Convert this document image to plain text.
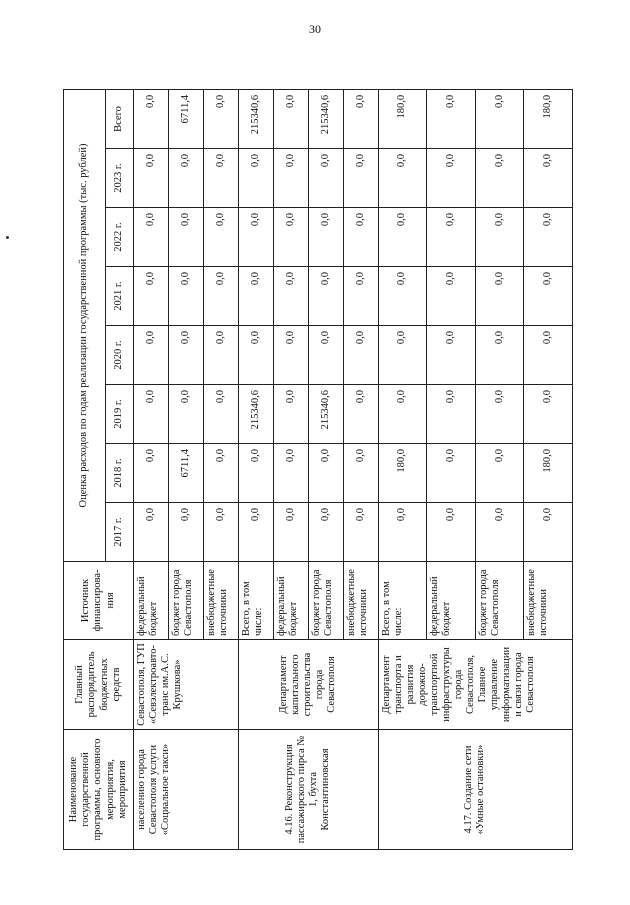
30
Наименование государственной программы, основного мероприятия, мероприятия	Главный распорядитель бюджетных средств	Источник финансирова-ния	Оценка расходов по годам реализации государственной программы (тыс. рублей)							
			2017 г.	2018 г.	2019 г.	2020 г.	2021 г.	2022 г.	2023 г.	Всего
населению города Севастополя услуги «Социальное такси»	Севастополя, ГУП «Севэлектроавто-транс им.А.С. Крушкова»	федеральный бюджет	0,0	0,0	0,0	0,0	0,0	0,0	0,0	0,0
		бюджет города Севастополя	0,0	6711,4	0,0	0,0	0,0	0,0	0,0	6711,4
		внебюджетные источники	0,0	0,0	0,0	0,0	0,0	0,0	0,0	0,0
4.16. Реконструкция пассажирского пирса № 1, бухта Константиновская	Департамент капитального строительства города Севастополя	Всего, в том числе:	0,0	0,0	215340,6	0,0	0,0	0,0	0,0	215340,6
		федеральный бюджет	0,0	0,0	0,0	0,0	0,0	0,0	0,0	0,0
		бюджет города Севастополя	0,0	0,0	215340,6	0,0	0,0	0,0	0,0	215340,6
		внебюджетные источники	0,0	0,0	0,0	0,0	0,0	0,0	0,0	0,0
4.17. Создание сети «Умные остановки»	Департамент транспорта и развития дорожно-транспортной инфраструктуры города Севастополя, Главное управление информатизации и связи города Севастополя	Всего, в том числе:	0,0	180,0	0,0	0,0	0,0	0,0	0,0	180,0
		федеральный бюджет	0,0	0,0	0,0	0,0	0,0	0,0	0,0	0,0
		бюджет города Севастополя	0,0	0,0	0,0	0,0	0,0	0,0	0,0	0,0
		внебюджетные источники	0,0	180,0	0,0	0,0	0,0	0,0	0,0	180,0
